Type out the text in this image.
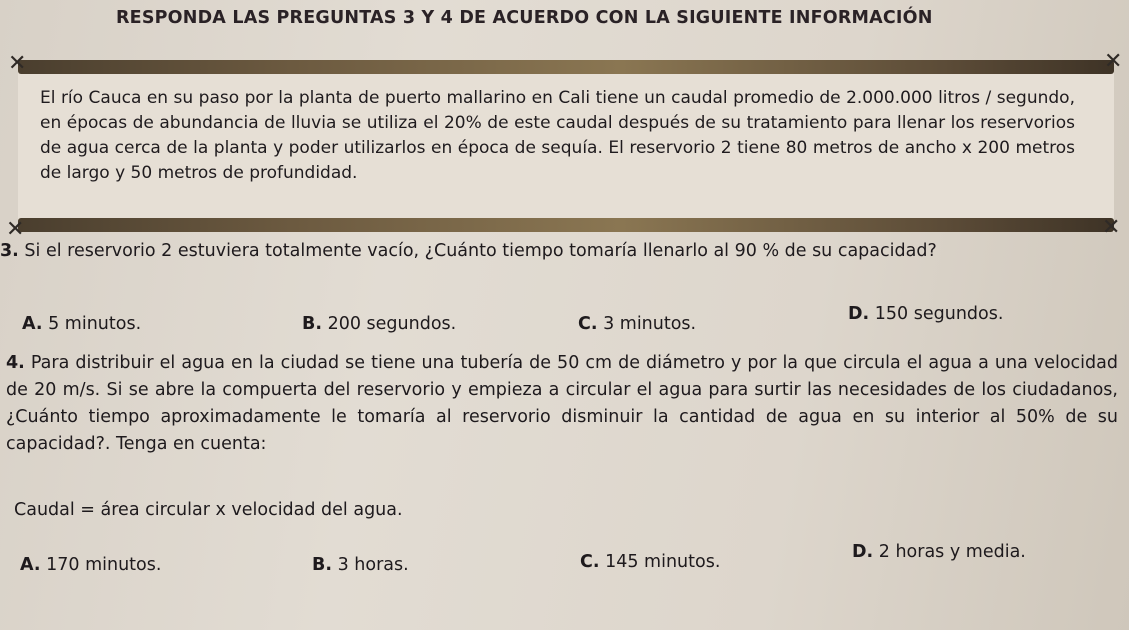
RESPONDA LAS PREGUNTAS 3 Y 4 DE ACUERDO CON LA SIGUIENTE INFORMACIÓN
✕	✕
✕	✕
El río Cauca en su paso por la planta de puerto mallarino en Cali tiene un caudal promedio de 2.000.000 litros / segundo, en épocas de abundancia de lluvia se utiliza el 20% de este caudal después de su tratamiento para llenar los reservorios de agua cerca de la planta y poder utilizarlos en época de sequía. El reservorio 2 tiene 80 metros de ancho x 200 metros de largo y 50 metros de profundidad.
3. Si el reservorio 2 estuviera totalmente vacío, ¿Cuánto tiempo tomaría llenarlo al 90 % de su capacidad?
A. 5 minutos.	B. 200 segundos.	C. 3 minutos.	D. 150 segundos.
4. Para distribuir el agua en la ciudad se tiene una tubería de 50 cm de diámetro y por la que circula el agua a una velocidad de 20 m/s. Si se abre la compuerta del reservorio y empieza a circular el agua para surtir las necesidades de los ciudadanos, ¿Cuánto tiempo aproximadamente le tomaría al reservorio disminuir la cantidad de agua en su interior al 50% de su capacidad?. Tenga en cuenta:
Caudal = área circular x velocidad del agua.
A. 170 minutos.	B. 3 horas.	C. 145 minutos.	D. 2 horas y media.
